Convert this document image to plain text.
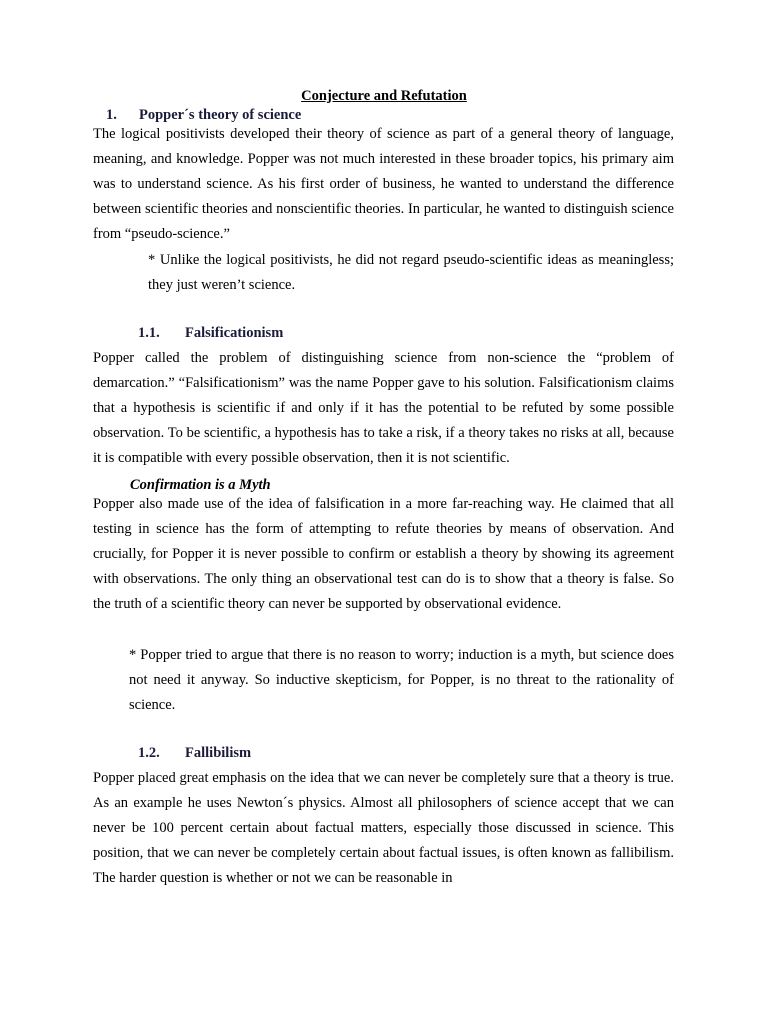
Conjecture and Refutation
1. Popper´s theory of science

The logical positivists developed their theory of science as part of a general theory of language, meaning, and knowledge. Popper was not much interested in these broader topics, his primary aim was to understand science. As his first order of business, he wanted to understand the difference between scientific theories and nonscientific theories. In particular, he wanted to distinguish science from “pseudo-science.”

* Unlike the logical positivists, he did not regard pseudo-scientific ideas as meaningless; they just weren’t science.

1.1. Falsificationism

Popper called the problem of distinguishing science from non-science the “problem of demarcation.” “Falsificationism” was the name Popper gave to his solution. Falsificationism claims that a hypothesis is scientific if and only if it has the potential to be refuted by some possible observation. To be scientific, a hypothesis has to take a risk, if a theory takes no risks at all, because it is compatible with every possible observation, then it is not scientific.

Confirmation is a Myth

Popper also made use of the idea of falsification in a more far-reaching way. He claimed that all testing in science has the form of attempting to refute theories by means of observation. And crucially, for Popper it is never possible to confirm or establish a theory by showing its agreement with observations. The only thing an observational test can do is to show that a theory is false. So the truth of a scientific theory can never be supported by observational evidence.

* Popper tried to argue that there is no reason to worry; induction is a myth, but science does not need it anyway. So inductive skepticism, for Popper, is no threat to the rationality of science.

1.2. Fallibilism

Popper placed great emphasis on the idea that we can never be completely sure that a theory is true. As an example he uses Newton´s physics. Almost all philosophers of science accept that we can never be 100 percent certain about factual matters, especially those discussed in science. This position, that we can never be completely certain about factual issues, is often known as fallibilism. The harder question is whether or not we can be reasonable in
